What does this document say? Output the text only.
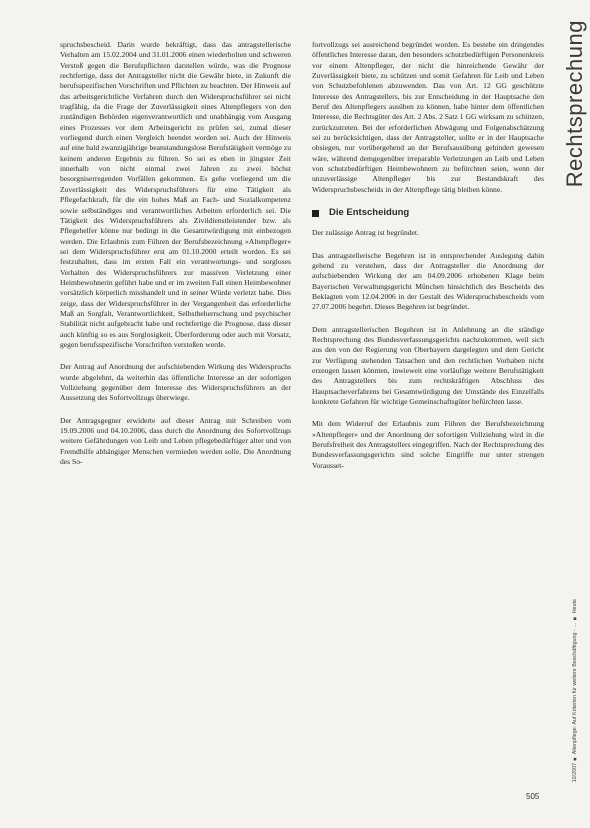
spruchsbescheid. Darin wurde bekräftigt, dass das antragstellerische Verhalten am 15.02.2004 und 31.01.2006 einen wiederholten und schweren Verstoß gegen die Berufspflichten darstellen würde, was die Prognose rechtfertige, dass der Antragsteller nicht die Gewähr biete, in Zukunft die berufsspezifischen Vorschriften und Pflichten zu beachten. Der Hinweis auf das arbeitsgerichtliche Verfahren durch den Widerspruchsführer sei nicht tragfähig, da die Frage der Zuverlässigkeit eines Altenpflegers von den zuständigen Behörden eigenverantwortlich und unabhängig vom Ausgang eines Prozesses vor dem Arbeitsgericht zu prüfen sei, zumal dieser vorliegend durch einen Vergleich beendet worden sei. Auch der Hinweis auf eine bald zwanzigjährige beanstandungslose Berufstätigkeit vermöge zu keinem anderen Ergebnis zu führen. So sei es eben in jüngster Zeit innerhalb von nicht einmal zwei Jahren zu zwei höchst besorgniserregenden Vorfällen gekommen. Es gehe vorliegend um die Zuverlässigkeit des Widerspruchsführers für eine Tätigkeit als Pflegefachkraft, für die ein hohes Maß an Fach- und Sozialkompetenz sowie selbständiges und verantwortliches Arbeiten erforderlich sei. Die Tätigkeit des Widerspruchsführers als Zivildienstleistender bzw. als Pflegehelfer könne nur bedingt in die Gesamtwürdigung mit einbezogen werden. Die Erlaubnis zum Führen der Berufsbezeichnung »Altenpfleger« sei dem Widerspruchsführer erst am 01.10.2000 erteilt worden. Es sei festzuhalten, dass im ersten Fall ein verantwortungs- und sorgloses Verhalten des Widerspruchsführers zur massiven Verletzung einer Heimbewohnerin geführt habe und er im zweiten Fall einen Heimbewohner vorsätzlich körperlich misshandelt und in seiner Würde verletzt habe. Dies zeige, dass der Widerspruchsführer in der Vergangenheit das erforderliche Maß an Sorgfalt, Verantwortlichkeit, Selbstbeherrschung und psychischer Stabilität nicht aufgebracht habe und rechtfertige die Prognose, dass dieser auch künftig so es aus Sorglosigkeit, Überforderung oder auch mit Vorsatz, gegen berufsspezifische Vorschriften verstoßen werde.

Der Antrag auf Anordnung der aufschiebenden Wirkung des Widerspruchs wurde abgelehnt, da weiterhin das öffentliche Interesse an der sofortigen Vollziehung gegenüber dem Interesse des Widerspruchsführers an der Aussetzung des Sofortvollzugs überwiege.

Der Antragsgegner erwiderte auf dieser Antrag mit Schreiben vom 19.09.2006 und 04.10.2006, dass durch die Anordnung des Sofortvollzugs weitere Gefährdungen von Leib und Leben pflegebedürftiger alter und von Fremdhilfe abhängiger Menschen vermieden werden solle. Die Anordnung des So-

fortvollzugs sei ausreichend begründet worden. Es bestehe ein dringendes öffentliches Interesse daran, den besonders schutzbedürftigen Personenkreis vor einem Altenpfleger, der nicht die hinreichende Gewähr der Zuverlässigkeit biete, zu schützen und somit Gefahren für Leib und Leben von Schutzbefohlenen abzuwenden. Das von Art. 12 GG geschützte Interesse des Antragstellers, bis zur Entscheidung in der Hauptsache den Beruf des Altenpflegers ausüben zu können, habe hinter dem öffentlichen Interesse, die Rechtsgüter des Art. 2 Abs. 2 Satz 1 GG wirksam zu schützen, zurückzutreten. Bei der erforderlichen Abwägung und Folgenabschätzung sei zu berücksichtigen, dass der Antragsteller, sollte er in der Hauptsache obsiegen, nur vorübergehend an der Berufsausübung gehindert gewesen wäre, während demgegenüber irreparable Verletzungen an Leib und Leben von schutzbedürftigen Heimbewohnern zu befürchten seien, wenn der unzuverlässige Altenpfleger bis zur Bestandskraft des Widerspruchsbescheids in der Altenpflege tätig bleiben könne.

Die Entscheidung

Der zulässige Antrag ist begründet.

Das antragstellerische Begehren ist in entsprechender Auslegung dahin gehend zu verstehen, dass der Antragsteller die Anordnung der aufschiebenden Wirkung der am 04.09.2006 erhobenen Klage beim Bayerischen Verwaltungsgericht München hinsichtlich des Bescheids des Beklagten vom 12.04.2006 in der Gestalt des Widerspruchsbescheids vom 27.07.2006 begehrt. Dieses Begehren ist begründet.

Dem antragstellerischen Begehren ist in Anlehnung an die ständige Rechtsprechung des Bundesverfassungsgerichts nachzukommen, weil sich aus den von der Regierung von Oberbayern dargelegten und dem Gericht zur Verfügung stehenden Tatsachen und den rechtlichen Vorhaben nicht erzeugen lassen könnten, inwieweit eine vorläufige weitere Berufstätigkeit des Antragstellers bis zum rechtskräftigen Abschluss des Hauptsacheverfahrens bei Gesamtwürdigung der Umstände des Einzelfalls konkrete Gefahren für wichtige Gemeinschaftsgüter befürchten lasse.

Mit dem Widerruf der Erlaubnis zum Führen der Berufsbezeichnung »Altenpfleger« und der Anordnung der sofortigen Vollziehung wird in die Berufsfreiheit des Antragstellers eingegriffen. Nach der Rechtsprechung des Bundesverfassungsgerichts sind solche Eingriffe nur unter strengen Vorausset-

Rechtsprechung
10/2007 ■ Altenpflege: Auf Kriterien für weitere Beschäftigung - … ■ Heute
505
